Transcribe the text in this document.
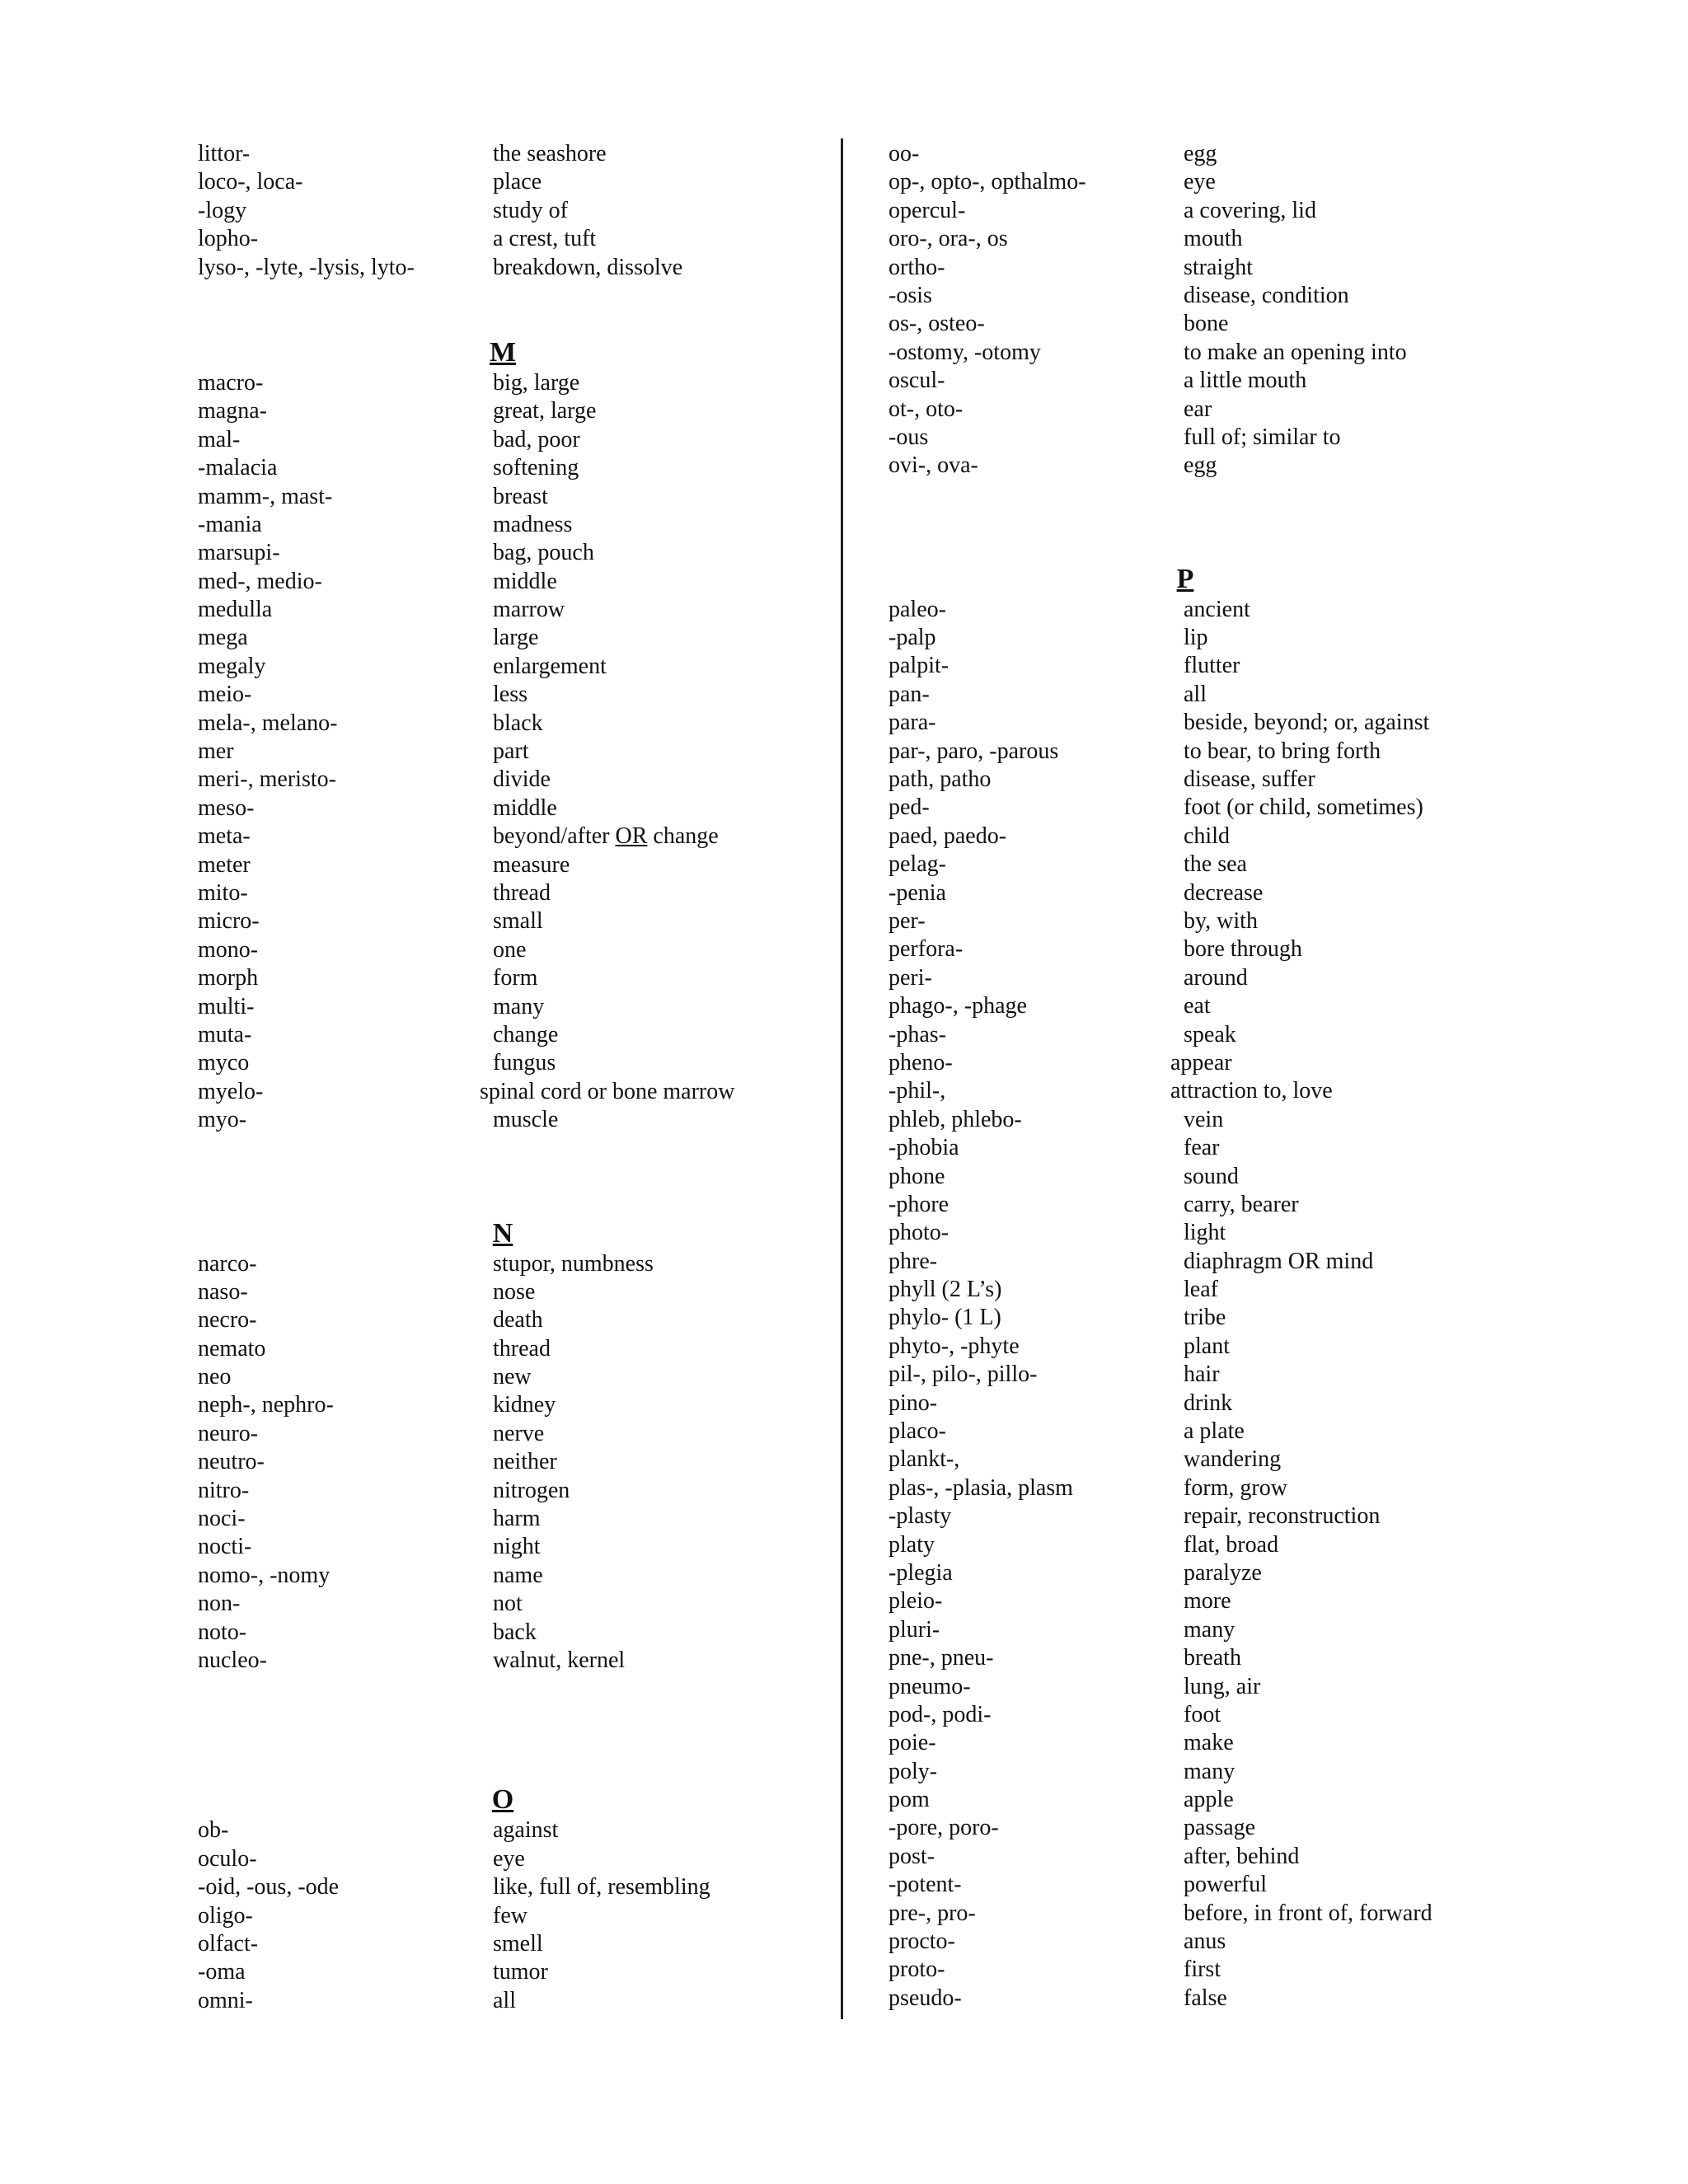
littor-	the seashore
loco-, loca-	place
-logy	study of
lopho-	a crest, tuft
lyso-, -lyte, -lysis, lyto-	breakdown, dissolve
M
macro-	big, large
magna-	great, large
mal-	bad, poor
-malacia	softening
mamm-, mast-	breast
-mania	madness
marsupi-	bag, pouch
med-, medio-	middle
medulla	marrow
mega	large
megaly	enlargement
meio-	less
mela-, melano-	black
mer	part
meri-, meristo-	divide
meso-	middle
meta-	beyond/after OR change
meter	measure
mito-	thread
micro-	small
mono-	one
morph	form
multi-	many
muta-	change
myco	fungus
myelo-	spinal cord or bone marrow
myo-	muscle
N
narco-	stupor, numbness
naso-	nose
necro-	death
nemato	thread
neo	new
neph-, nephro-	kidney
neuro-	nerve
neutro-	neither
nitro-	nitrogen
noci-	harm
nocti-	night
nomo-, -nomy	name
non-	not
noto-	back
nucleo-	walnut, kernel
O
ob-	against
oculo-	eye
-oid, -ous, -ode	like, full of, resembling
oligo-	few
olfact-	smell
-oma	tumor
omni-	all
oo-	egg
op-, opto-, opthalmo-	eye
opercul-	a covering, lid
oro-, ora-, os	mouth
ortho-	straight
-osis	disease, condition
os-, osteo-	bone
-ostomy, -otomy	to make an opening into
oscul-	a little mouth
ot-, oto-	ear
-ous	full of; similar to
ovi-, ova-	egg
P
paleo-	ancient
-palp	lip
palpit-	flutter
pan-	all
para-	beside, beyond; or, against
par-, paro, -parous	to bear, to bring forth
path, patho	disease, suffer
ped-	foot (or child, sometimes)
paed, paedo-	child
pelag-	the sea
-penia	decrease
per-	by, with
perfora-	bore through
peri-	around
phago-, -phage	eat
-phas-	speak
pheno-	appear
-phil-,	attraction to, love
phleb, phlebo-	vein
-phobia	fear
phone	sound
-phore	carry, bearer
photo-	light
phre-	diaphragm OR mind
phyll (2 L’s)	leaf
phylo- (1 L)	tribe
phyto-, -phyte	plant
pil-, pilo-, pillo-	hair
pino-	drink
placo-	a plate
plankt-,	wandering
plas-, -plasia, plasm	form, grow
-plasty	repair, reconstruction
platy	flat, broad
-plegia	paralyze
pleio-	more
pluri-	many
pne-, pneu-	breath
pneumo-	lung, air
pod-, podi-	foot
poie-	make
poly-	many
pom	apple
-pore, poro-	passage
post-	after, behind
-potent-	powerful
pre-, pro-	before, in front of, forward
procto-	anus
proto-	first
pseudo-	false
